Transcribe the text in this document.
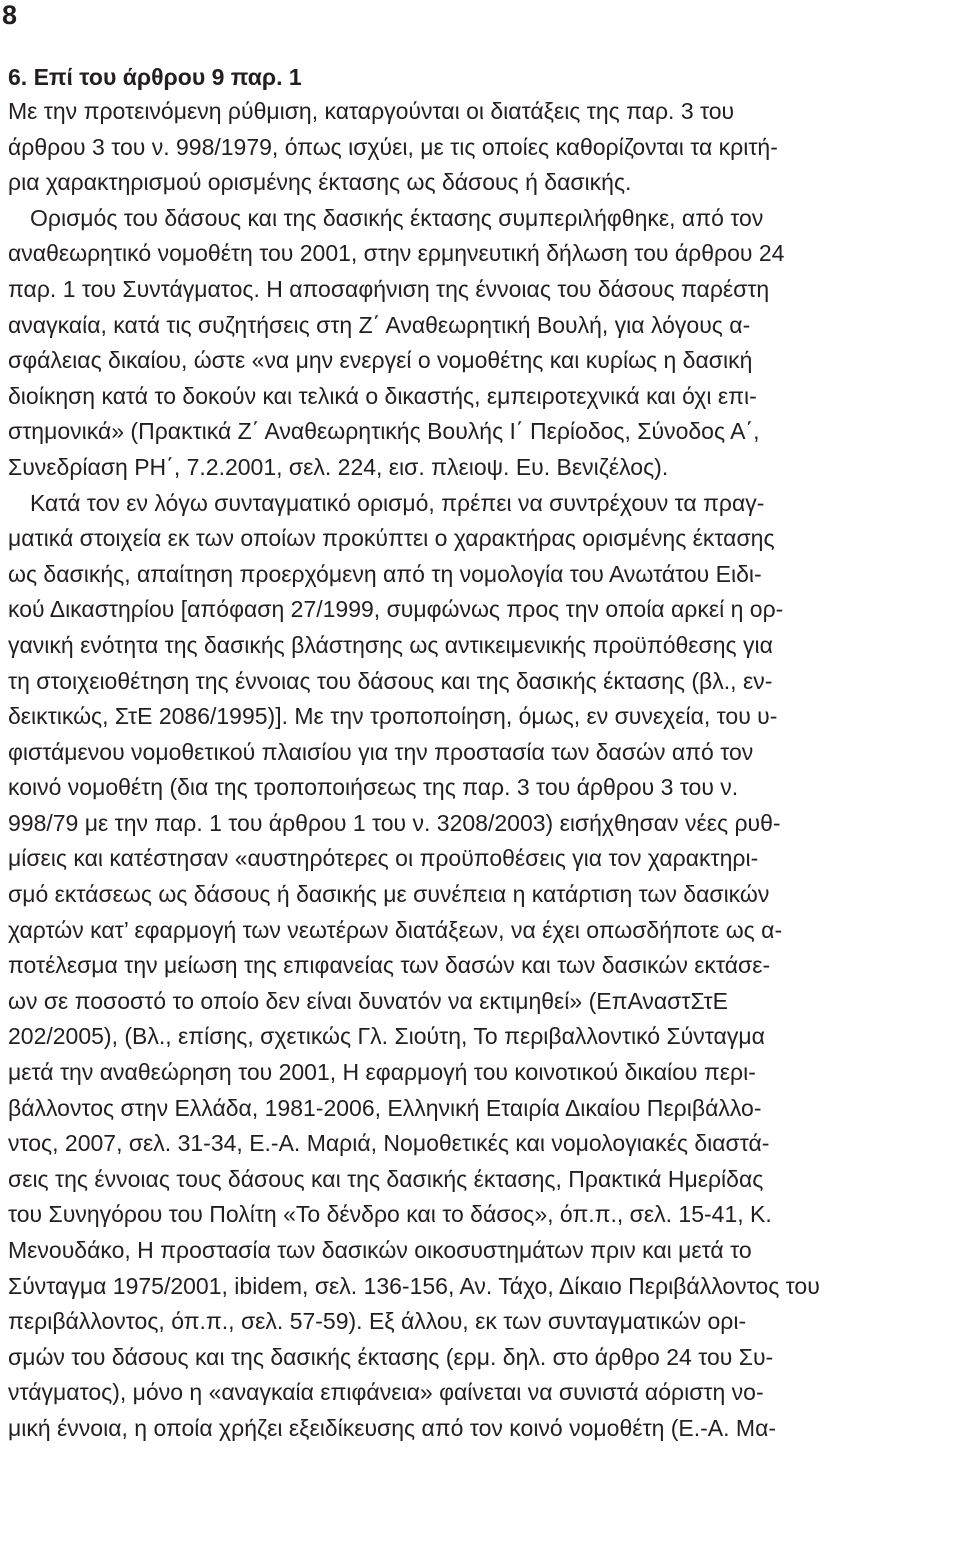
8
6. Επί του άρθρου 9 παρ. 1
Με την προτεινόμενη ρύθμιση, καταργούνται οι διατάξεις της παρ. 3 του
άρθρου 3 του ν. 998/1979, όπως ισχύει, με τις οποίες καθορίζονται τα κριτή-
ρια χαρακτηρισμού ορισμένης έκτασης ως δάσους ή δασικής.
Ορισμός του δάσους και της δασικής έκτασης συμπεριλήφθηκε, από τον
αναθεωρητικό νομοθέτη του 2001, στην ερμηνευτική δήλωση του άρθρου 24
παρ. 1 του Συντάγματος. Η αποσαφήνιση της έννοιας του δάσους παρέστη
αναγκαία, κατά τις συζητήσεις στη Ζ΄ Αναθεωρητική Βουλή, για λόγους α-
σφάλειας δικαίου, ώστε «να μην ενεργεί ο νομοθέτης και κυρίως η δασική
διοίκηση κατά το δοκούν και τελικά ο δικαστής, εμπειροτεχνικά και όχι επι-
στημονικά» (Πρακτικά Ζ΄ Αναθεωρητικής Βουλής Ι΄ Περίοδος, Σύνοδος Α΄,
Συνεδρίαση ΡΗ΄, 7.2.2001, σελ. 224, εισ. πλειοψ. Ευ. Βενιζέλος).
Κατά τον εν λόγω συνταγματικό ορισμό, πρέπει να συντρέχουν τα πραγ-
ματικά στοιχεία εκ των οποίων προκύπτει ο χαρακτήρας ορισμένης έκτασης
ως δασικής, απαίτηση προερχόμενη από τη νομολογία του Ανωτάτου Ειδι-
κού Δικαστηρίου [απόφαση 27/1999, συμφώνως προς την οποία αρκεί η ορ-
γανική ενότητα της δασικής βλάστησης ως αντικειμενικής προϋπόθεσης για
τη στοιχειοθέτηση της έννοιας του δάσους και της δασικής έκτασης (βλ., εν-
δεικτικώς, ΣτΕ 2086/1995)]. Με την τροποποίηση, όμως, εν συνεχεία, του υ-
φιστάμενου νομοθετικού πλαισίου για την προστασία των δασών από τον
κοινό νομοθέτη (δια της τροποποιήσεως της παρ. 3 του άρθρου 3 του ν.
998/79 με την παρ. 1 του άρθρου 1 του ν. 3208/2003) εισήχθησαν νέες ρυθ-
μίσεις και κατέστησαν «αυστηρότερες οι προϋποθέσεις για τον χαρακτηρι-
σμό εκτάσεως ως δάσους ή δασικής με συνέπεια η κατάρτιση των δασικών
χαρτών κατ’ εφαρμογή των νεωτέρων διατάξεων, να έχει οπωσδήποτε ως α-
ποτέλεσμα την μείωση της επιφανείας των δασών και των δασικών εκτάσε-
ων σε ποσοστό το οποίο δεν είναι δυνατόν να εκτιμηθεί» (ΕπΑναστΣτΕ
202/2005), (Βλ., επίσης, σχετικώς Γλ. Σιούτη, Το περιβαλλοντικό Σύνταγμα
μετά την αναθεώρηση του 2001, Η εφαρμογή του κοινοτικού δικαίου περι-
βάλλοντος στην Ελλάδα, 1981-2006, Ελληνική Εταιρία Δικαίου Περιβάλλο-
ντος, 2007, σελ. 31-34, Ε.-Α. Μαριά, Νομοθετικές και νομολογιακές διαστά-
σεις της έννοιας τους δάσους και της δασικής έκτασης, Πρακτικά Ημερίδας
του Συνηγόρου του Πολίτη «Το δένδρο και το δάσος», όπ.π., σελ. 15-41, Κ.
Μενουδάκο, Η προστασία των δασικών οικοσυστημάτων πριν και μετά το
Σύνταγμα 1975/2001, ibidem, σελ. 136-156, Αν. Τάχο, Δίκαιο Περιβάλλοντος του
περιβάλλοντος, όπ.π., σελ. 57-59). Εξ άλλου, εκ των συνταγματικών ορι-
σμών του δάσους και της δασικής έκτασης (ερμ. δηλ. στο άρθρο 24 του Συ-
ντάγματος), μόνο η «αναγκαία επιφάνεια» φαίνεται να συνιστά αόριστη νο-
μική έννοια, η οποία χρήζει εξειδίκευσης από τον κοινό νομοθέτη (Ε.-Α. Μα-
